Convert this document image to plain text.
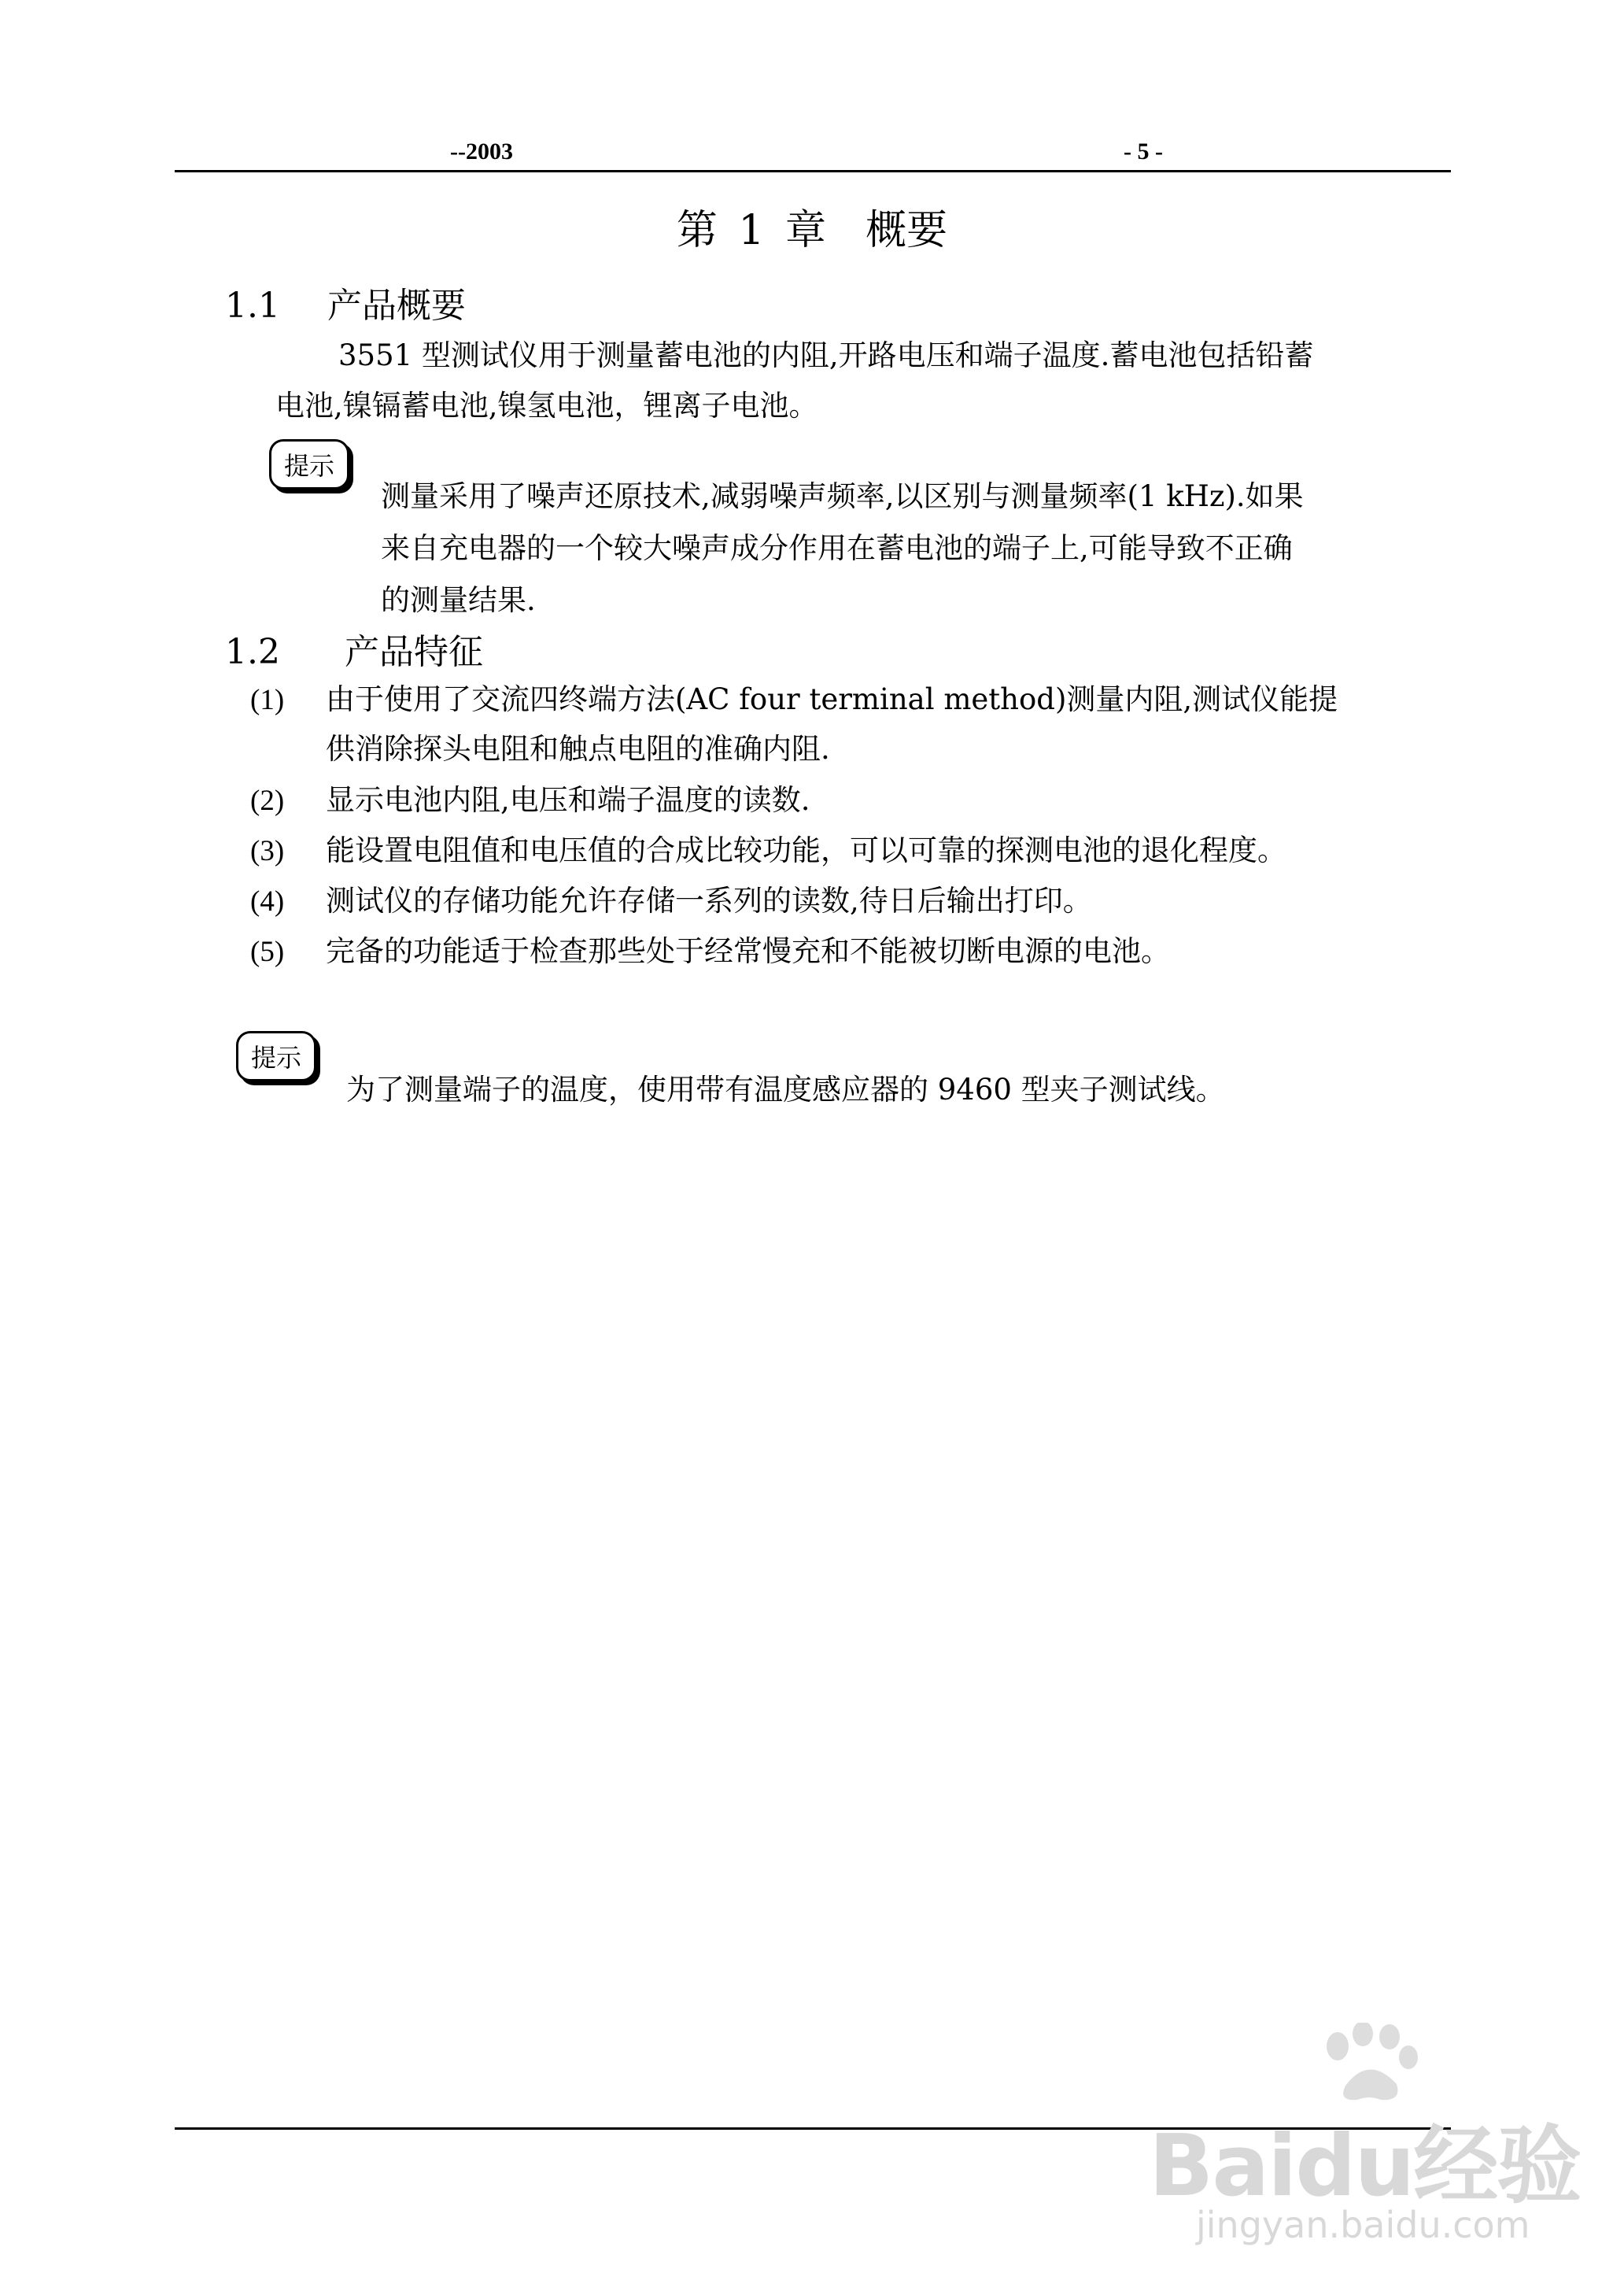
--2003	- 5 -
第 1 章 概要
1.1 产品概要
3551 型测试仪用于测量蓄电池的内阻,开路电压和端子温度.蓄电池包括铅蓄
电池,镍镉蓄电池,镍氢电池，锂离子电池。
提示
测量采用了噪声还原技术,减弱噪声频率,以区别与测量频率(1 kHz).如果
来自充电器的一个较大噪声成分作用在蓄电池的端子上,可能导致不正确
的测量结果.
1.2 产品特征
(1) 由于使用了交流四终端方法(AC four terminal method)测量内阻,测试仪能提
供消除探头电阻和触点电阻的准确内阻.
(2) 显示电池内阻,电压和端子温度的读数.
(3) 能设置电阻值和电压值的合成比较功能，可以可靠的探测电池的退化程度。
(4) 测试仪的存储功能允许存储一系列的读数,待日后输出打印。
(5) 完备的功能适于检查那些处于经常慢充和不能被切断电源的电池。
提示
为了测量端子的温度，使用带有温度感应器的 9460 型夹子测试线。
Baidu经验
jingyan.baidu.com
